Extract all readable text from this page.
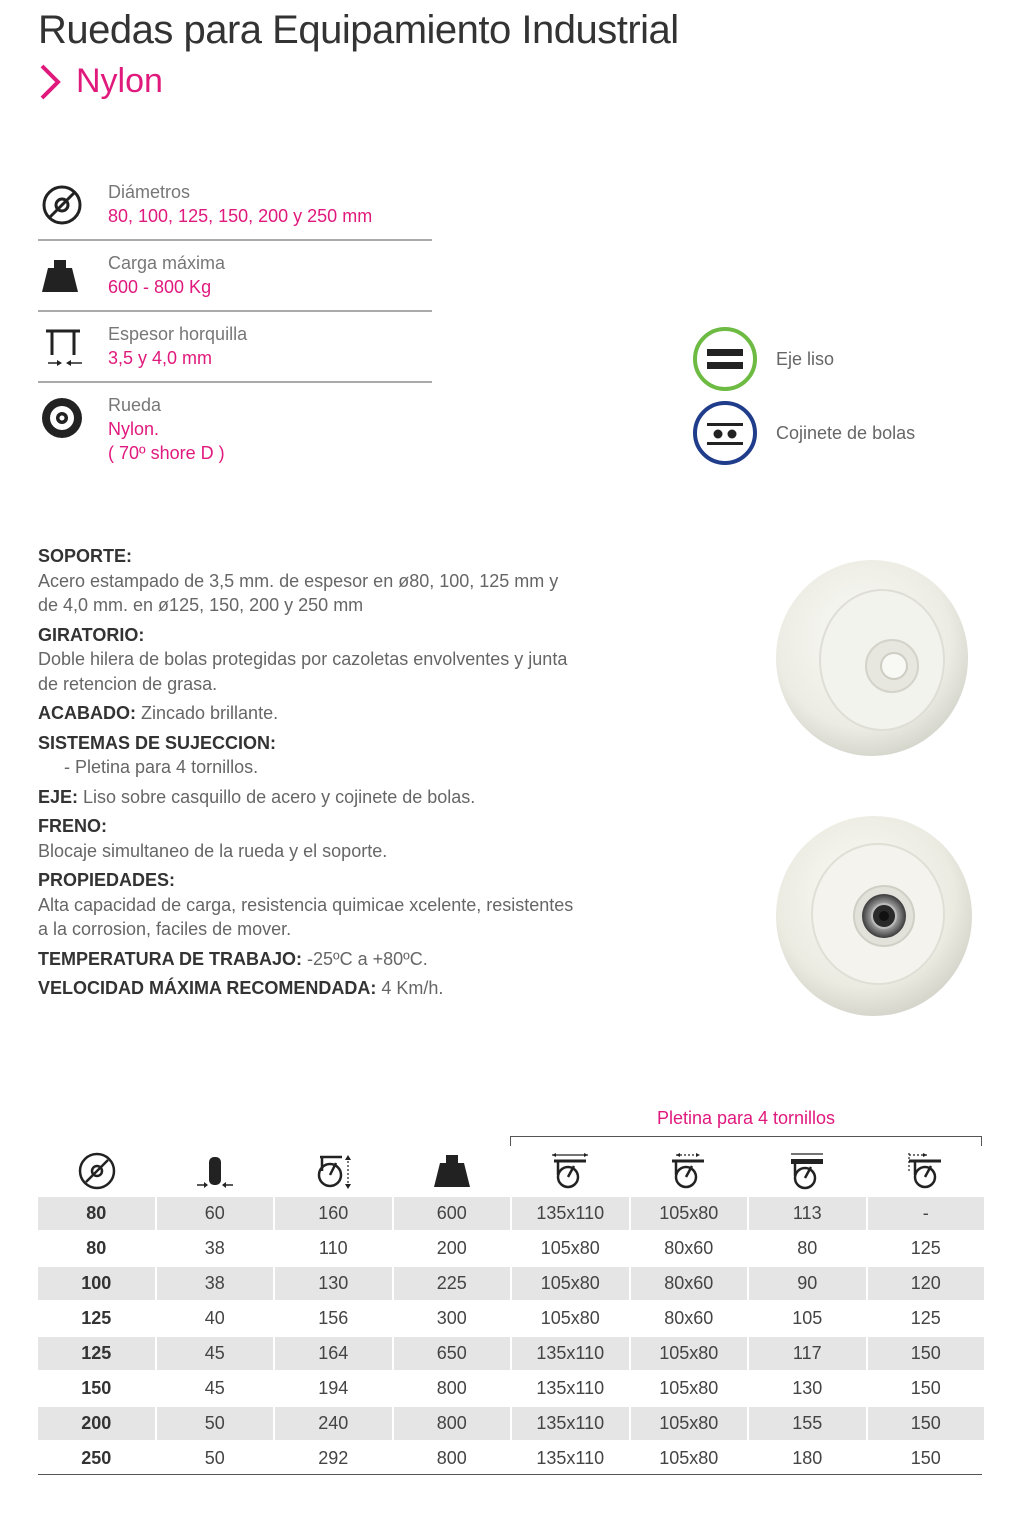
Ruedas para Equipamiento Industrial
Nylon
Diámetros
80, 100, 125, 150, 200 y 250 mm
Carga máxima
600 - 800 Kg
Espesor horquilla
3,5 y 4,0 mm
Rueda
Nylon.
( 70º shore D )
Eje liso
Cojinete de bolas

SOPORTE:
Acero estampado de 3,5 mm. de espesor en ø80, 100, 125 mm y
de 4,0 mm. en ø125, 150, 200 y 250 mm

GIRATORIO:
Doble hilera de bolas protegidas por cazoletas envolventes y junta
de retencion de grasa.

ACABADO: Zincado brillante.

SISTEMAS DE SUJECCION:
- Pletina para 4 tornillos.

EJE: Liso sobre casquillo de acero y cojinete de bolas.

FRENO:
Blocaje simultaneo de la rueda y el soporte.

PROPIEDADES:
Alta capacidad de carga, resistencia quimicae xcelente, resistentes
a la corrosion, faciles de mover.

TEMPERATURA DE TRABAJO: -25ºC a +80ºC.

VELOCIDAD MÁXIMA RECOMENDADA: 4 Km/h.

Pletina para 4 tornillos
80	60	160	600	135x110	105x80	113	-
80	38	110	200	105x80	80x60	80	125
100	38	130	225	105x80	80x60	90	120
125	40	156	300	105x80	80x60	105	125
125	45	164	650	135x110	105x80	117	150
150	45	194	800	135x110	105x80	130	150
200	50	240	800	135x110	105x80	155	150
250	50	292	800	135x110	105x80	180	150
